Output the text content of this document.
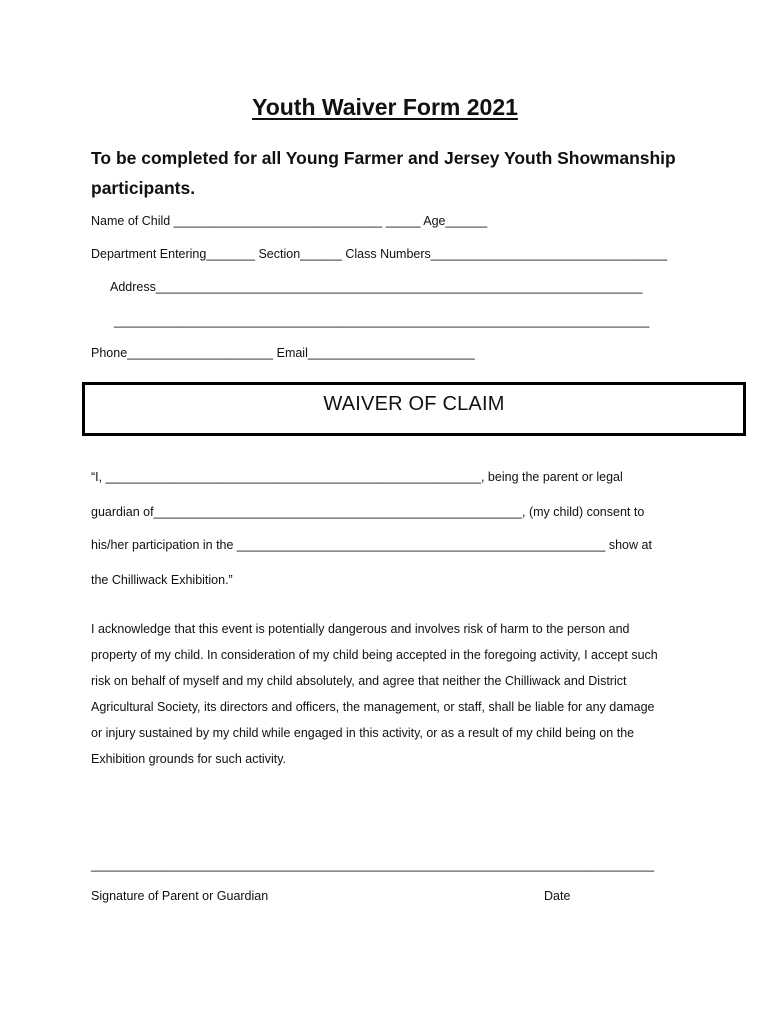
Youth Waiver Form 2021
To be completed for all Young Farmer and Jersey Youth Showmanship participants.
Name of Child ______________________________ _____ Age______
Department Entering_______ Section______ Class Numbers__________________________________
Address______________________________________________________________________
_____________________________________________________________________________
Phone_____________________ Email________________________
WAIVER OF CLAIM
“I, ______________________________________________________, being the parent or legal
guardian of_____________________________________________________, (my child) consent to
his/her participation in the _____________________________________________________ show at
the Chilliwack Exhibition.”
I acknowledge that this event is potentially dangerous and involves risk of harm to the person and
property of my child. In consideration of my child being accepted in the foregoing activity, I accept such
risk on behalf of myself and my child absolutely, and agree that neither the Chilliwack and District
Agricultural Society, its directors and officers, the management, or staff, shall be liable for any damage
or injury sustained by my child while engaged in this activity, or as a result of my child being on the
Exhibition grounds for such activity.
_________________________________________________________________________________
Signature of Parent or Guardian	Date
